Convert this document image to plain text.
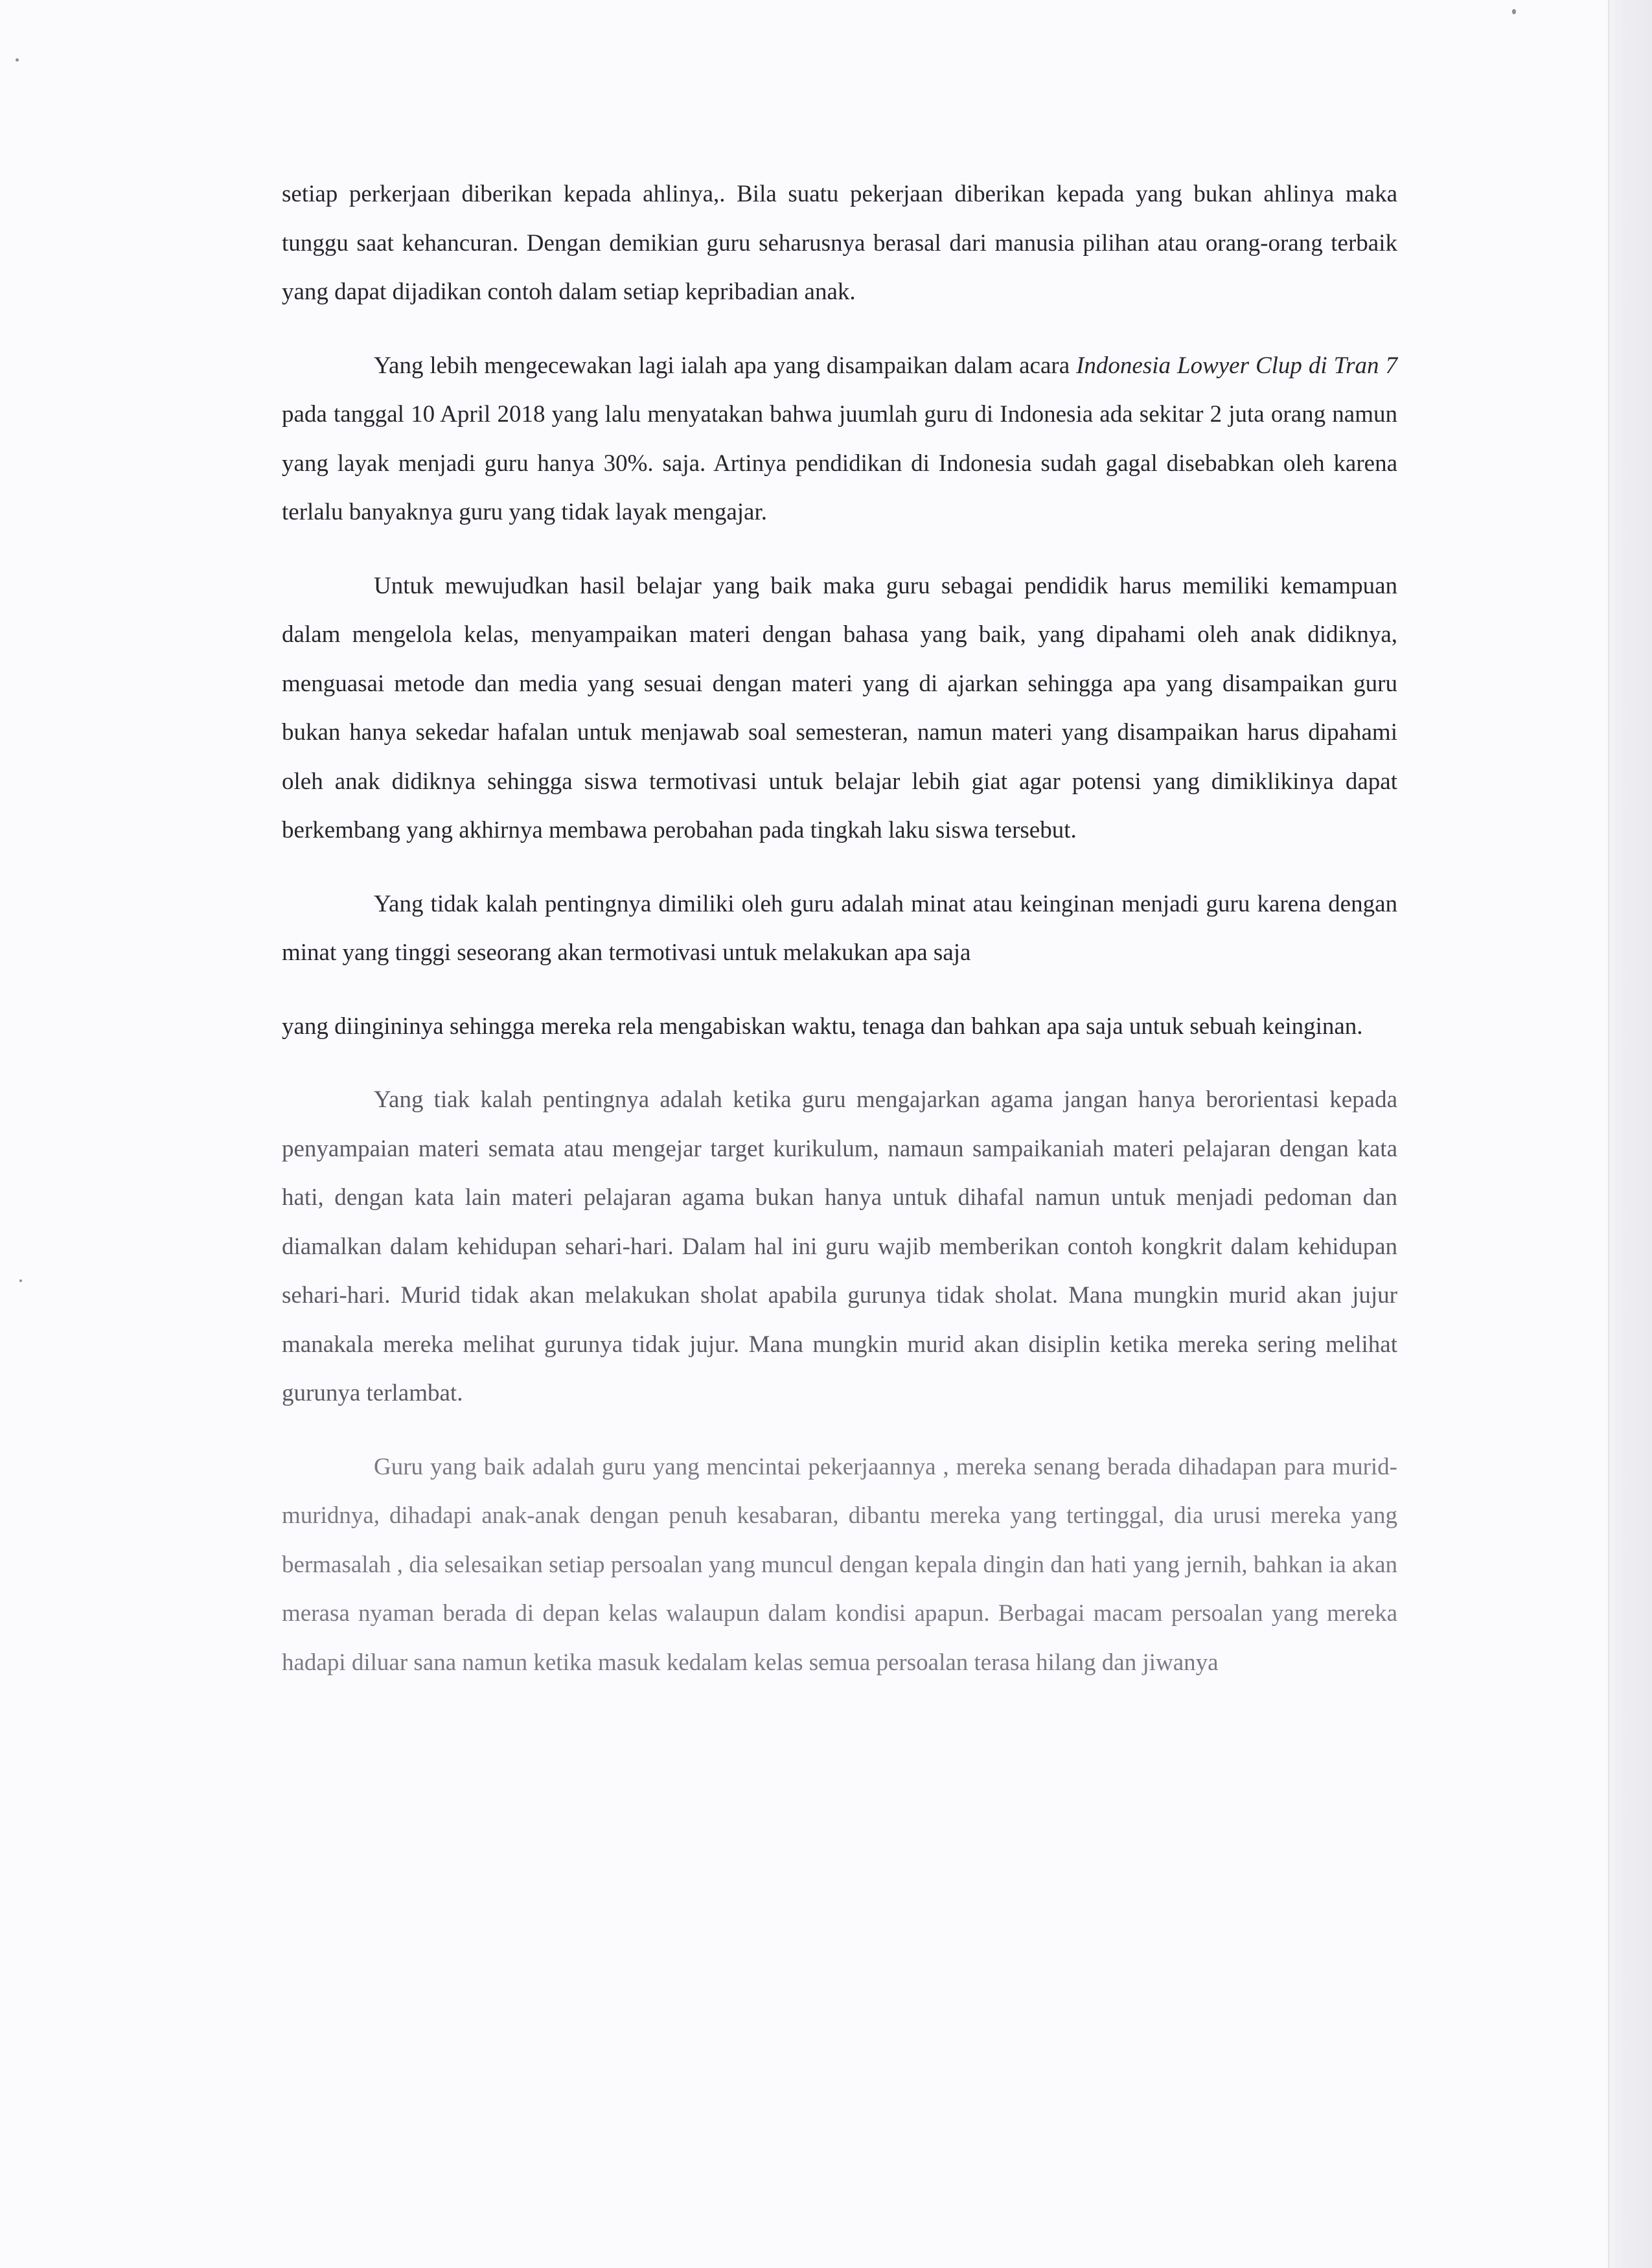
setiap perkerjaan diberikan kepada ahlinya,. Bila suatu pekerjaan diberikan kepada yang bukan ahlinya maka tunggu saat kehancuran. Dengan demikian guru seharusnya berasal dari manusia pilihan atau orang-orang terbaik yang dapat dijadikan contoh dalam setiap kepribadian anak.

Yang lebih mengecewakan lagi ialah apa yang disampaikan dalam acara Indonesia Lowyer Clup di Tran 7 pada tanggal 10 April 2018 yang lalu menyatakan bahwa juumlah guru di Indonesia ada sekitar 2 juta orang namun yang layak menjadi guru hanya 30%. saja. Artinya pendidikan di Indonesia sudah gagal disebabkan oleh karena terlalu banyaknya guru yang tidak layak mengajar.

Untuk mewujudkan hasil belajar yang baik maka guru sebagai pendidik harus memiliki kemampuan dalam mengelola kelas, menyampaikan materi dengan bahasa yang baik, yang dipahami oleh anak didiknya, menguasai metode dan media yang sesuai dengan materi yang di ajarkan sehingga apa yang disampaikan guru bukan hanya sekedar hafalan untuk menjawab soal semesteran, namun materi yang disampaikan harus dipahami oleh anak didiknya sehingga siswa termotivasi untuk belajar lebih giat agar potensi yang dimiklikinya dapat berkembang yang akhirnya membawa perobahan pada tingkah laku siswa tersebut.

Yang tidak kalah pentingnya dimiliki oleh guru adalah minat atau keinginan menjadi guru karena dengan minat yang tinggi seseorang akan termotivasi untuk melakukan apa saja

yang diingininya sehingga mereka rela mengabiskan waktu, tenaga dan bahkan apa saja untuk sebuah keinginan.

Yang tiak kalah pentingnya adalah ketika guru mengajarkan agama jangan hanya berorientasi kepada penyampaian materi semata atau mengejar target kurikulum, namaun sampaikaniah materi pelajaran dengan kata hati, dengan kata lain materi pelajaran agama bukan hanya untuk dihafal namun untuk menjadi pedoman dan diamalkan dalam kehidupan sehari-hari. Dalam hal ini guru wajib memberikan contoh kongkrit dalam kehidupan sehari-hari. Murid tidak akan melakukan sholat apabila gurunya tidak sholat. Mana mungkin murid akan jujur manakala mereka melihat gurunya tidak jujur. Mana mungkin murid akan disiplin ketika mereka sering melihat gurunya terlambat.

Guru yang baik adalah guru yang mencintai pekerjaannya , mereka senang berada dihadapan para murid-muridnya, dihadapi anak-anak dengan penuh kesabaran, dibantu mereka yang tertinggal, dia urusi mereka yang bermasalah , dia selesaikan setiap persoalan yang muncul dengan kepala dingin dan hati yang jernih, bahkan ia akan merasa nyaman berada di depan kelas walaupun dalam kondisi apapun. Berbagai macam persoalan yang mereka hadapi diluar sana namun ketika masuk kedalam kelas semua persoalan terasa hilang dan jiwanya
